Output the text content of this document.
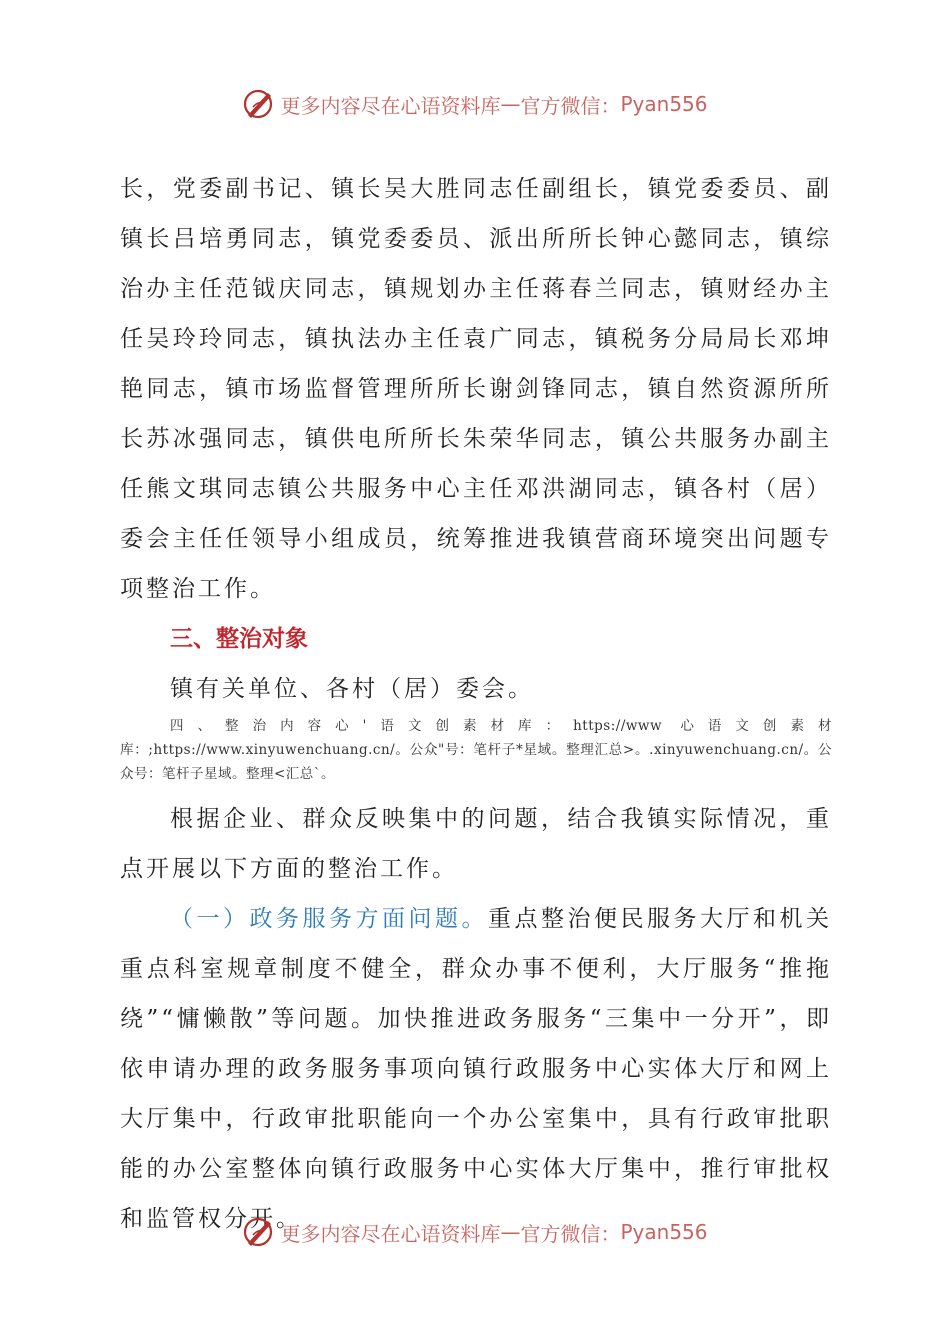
更多内容尽在心语资料库 — 官方微信： Pyan556

长，党委副书记、镇长吴大胜同志任副组长，镇党委委员、副镇长吕培勇同志，镇党委委员、派出所所长钟心懿同志，镇综治办主任范钺庆同志，镇规划办主任蒋春兰同志，镇财经办主任吴玲玲同志，镇执法办主任袁广同志，镇税务分局局长邓坤艳同志，镇市场监督管理所所长谢剑锋同志，镇自然资源所所长苏冰强同志，镇供电所所长朱荣华同志，镇公共服务办副主任熊文琪同志镇公共服务中心主任邓洪湖同志，镇各村（居）委会主任任领导小组成员，统筹推进我镇营商环境突出问题专项整治工作。

三、整治对象

镇有关单位、各村（居）委会。

四、整治内容心'语文创素材库：https://www 心语文创素材库：;https://www.xinyuwenchuang.cn/。公众"号：笔杆子*星域。整理汇总>。.xinyuwenchuang.cn/。公众号：笔杆子星域。整理<汇总`。

根据企业、群众反映集中的问题，结合我镇实际情况，重点开展以下方面的整治工作。

（一）政务服务方面问题。重点整治便民服务大厅和机关重点科室规章制度不健全，群众办事不便利，大厅服务“推拖绕”“慵懒散”等问题。加快推进政务服务“三集中一分开”，即依申请办理的政务服务事项向镇行政服务中心实体大厅和网上大厅集中，行政审批职能向一个办公室集中，具有行政审批职能的办公室整体向镇行政服务中心实体大厅集中，推行审批权和监管权分开。

更多内容尽在心语资料库 — 官方微信： Pyan556
